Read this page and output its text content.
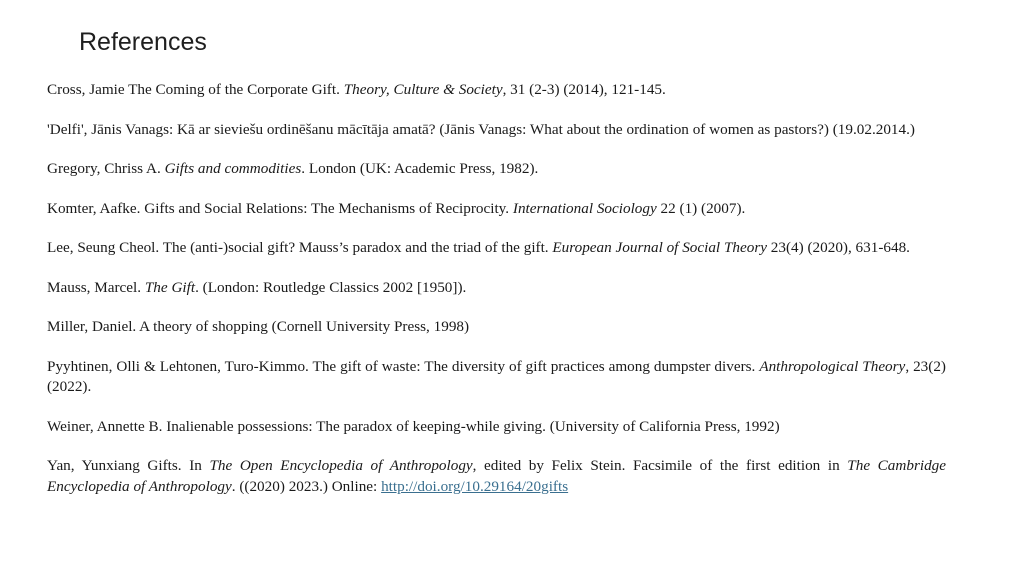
References
Cross, Jamie The Coming of the Corporate Gift. Theory, Culture & Society, 31 (2-3) (2014), 121-145.
'Delfi', Jānis Vanags: Kā ar sieviešu ordinēšanu mācītāja amatā? (Jānis Vanags: What about the ordination of women as pastors?) (19.02.2014.)
Gregory, Chriss A. Gifts and commodities. London (UK: Academic Press, 1982).
Komter, Aafke. Gifts and Social Relations: The Mechanisms of Reciprocity. International Sociology 22 (1) (2007).
Lee, Seung Cheol. The (anti-)social gift? Mauss’s paradox and the triad of the gift. European Journal of Social Theory 23(4) (2020), 631-648.
Mauss, Marcel. The Gift. (London: Routledge Classics 2002 [1950]).
Miller, Daniel. A theory of shopping (Cornell University Press, 1998)
Pyyhtinen, Olli & Lehtonen, Turo-Kimmo. The gift of waste: The diversity of gift practices among dumpster divers. Anthropological Theory, 23(2) (2022).
Weiner, Annette B. Inalienable possessions: The paradox of keeping-while giving. (University of California Press, 1992)
Yan, Yunxiang Gifts. In The Open Encyclopedia of Anthropology, edited by Felix Stein. Facsimile of the first edition in The Cambridge Encyclopedia of Anthropology. ((2020) 2023.) Online: http://doi.org/10.29164/20gifts
